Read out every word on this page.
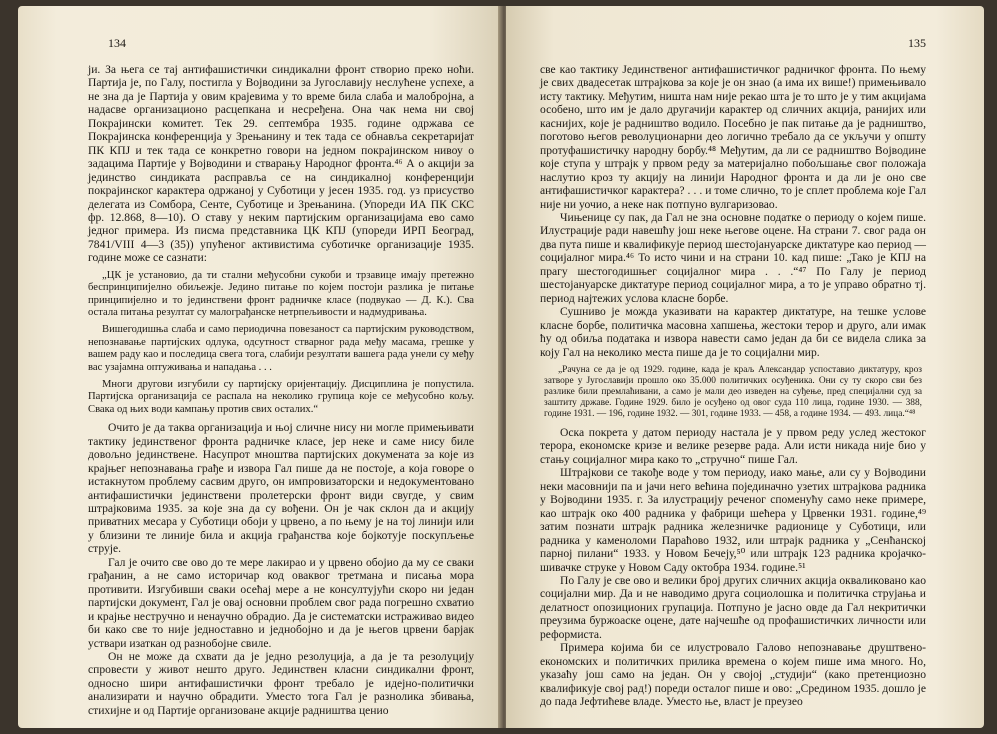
134

ји. За њега се тај антифашистички синдикални фронт створио преко ноћи. Партија је, по Галу, постигла у Војводини за Југославију неслућене успехе, а не зна да је Партија у овим крајевима у то време била слаба и малобројна, а надасве организационо расцепкана и несређена. Она чак нема ни свој Покрајински комитет. Тек 29. септембра 1935. године одржава се Покрајинска конференција у Зрењанину и тек тада се обнавља секретаријат ПК КПЈ и тек тада се конкретно говори на једном покрајинском нивоу о задацима Партије у Војводини и стварању Народног фронта.⁴⁶ А о акцији за јединство синдиката расправља се на синдикалној конференцији покрајинског карактера одржаној у Суботици у јесен 1935. год. уз присуство делегата из Сомбора, Сенте, Суботице и Зрењанина. (Упореди ИА ПК СКС фр. 12.868, 8—10). О ставу у неким партијским организацијама ево само једног примера. Из писма представника ЦК КПЈ (упореди ИРП Београд, 7841/VIII 4—3 (35)) упућеног активистима суботичке организације 1935. године може се сазнати:

„ЦК је установио, да ти стални међусобни сукоби и трзавице имају претежно беспринципијелно обиљежје. Једино питање по којем постоји разлика је питање принципијелно и то јединствени фронт радничке класе (подвукао — Д. К.). Сва остала питања резултат су малограђанске нетрпељивости и надмудривања.

Вишегодишња слаба и само периодична повезаност са партијским руководством, непознавање партијских одлука, одсутност стварног рада међу масама, грешке у вашем раду као и последица свега тога, слабији резултати вашега рада унели су међу вас узајамна оптуживања и нападања . . .

Многи другови изгубили су партијску оријентацију. Дисциплина је попустила. Партијска организација се распала на неколико групица које се међусобно кољу. Свака од њих води кампању против свих осталих.“

Очито је да таква организација и њој сличне нису ни могле примењивати тактику јединственог фронта радничке класе, јер неке и саме нису биле довољно јединствене. Насупрот мноштва партијских докумената за које из крајњег непознавања грађе и извора Гал пише да не постоје, а која говоре о истакнутом проблему сасвим друго, он импровизаторски и недокументовано антифашистички јединствени пролетерски фронт види свугде, у свим штрајковима 1935. за које зна да су вођени. Он је чак склон да и акцију приватних месара у Суботици обоји у црвено, а по њему је на тој линији или у близини те линије била и акција грађанства које бојкотује поскупљење струје.

Гал је очито све ово до те мере лакирао и у црвено обојио да му се сваки грађанин, а не само историчар код оваквог третмана и писања мора противити. Изгубивши сваки осећај мере а не консултујући скоро ни један партијски документ, Гал је овај основни проблем свог рада погрешно схватио и крајње нестручно и ненаучно обрадио. Да је систематски истраживао видео би како све то није једноставно и једнобојно и да је његов црвени барјак уствари изаткан од разнобојне свиле.

Он не може да схвати да је једно резолуција, а да је та резолуцију спровести у живот нешто друго. Јединствен класни синдикални фронт, односно шири антифашистички фронт требало је идејно-политички анализирати и научно обрадити. Уместо тога Гал је разнолика збивања, стихијне и од Партије организоване акције радништва ценио

135

све као тактику Јединственог антифашистичког радничког фронта. По њему је свих двадесетак штрајкова за које је он знао (а има их више!) примењивало исту тактику. Међутим, ништа нам није рекао шта је то што је у тим акцијама особено, што им је дало другачији карактер од сличних акција, ранијих или каснијих, које је радништво водило. Посебно је пак питање да је радништво, поготово његов револуционарни део логично требало да се укључи у општу протуфашистичку народну борбу.⁴⁸ Међутим, да ли се радништво Војводине које ступа у штрајк у првом реду за материјално побољшање свог положаја наслутио кроз ту акцију на линији Народног фронта и да ли је оно све антифашистичког карактера? . . . и томе слично, то је сплет проблема које Гал није ни уочио, а неке нак потпуно вулгаризовао.

Чињенице су пак, да Гал не зна основне податке о периоду о којем пише. Илустрације ради навешћу још неке његове оцене. На страни 7. свог рада он два пута пише и квалификује период шестојануарске диктатуре као период — социјалног мира.⁴⁶ То исто чини и на страни 10. кад пише: „Тако је КПЈ на прагу шестогодишњег социјалног мира . . .“⁴⁷ По Галу је период шестојануарске диктатуре период социјалног мира, а то је управо обратно тј. период најтежих услова класне борбе.

Сушниво је можда указивати на карактер диктатуре, на тешке услове класне борбе, политичка масовна хапшења, жестоки терор и друго, али имак ћу од обиља података и извора навести само један да би се видела слика за коју Гал на неколико места пише да је то социјални мир.

„Рачуна се да је од 1929. године, када је краљ Александар успоставио диктатуру, кроз затворе у Југославији прошло око 35.000 политичких осуђеника. Они су ту скоро сви без разлике били премлаћивани, а само је мали део изведен на суђење, пред специјални суд за заштиту државе. Године 1929. било је осуђено од овог суда 110 лица, године 1930. — 388, године 1931. — 196, године 1932. — 301, године 1933. — 458, а године 1934. — 493. лица.“⁴⁸

Оска покрета у датом периоду настала је у првом реду услед жестоког терора, економске кризе и велике резерве рада. Али исти никада није био у стању социјалног мира како то „стручно“ пише Гал.

Штрајкови се такође воде у том периоду, иако мање, али су у Војводини неки масовнији па и јачи него већина појединачно узетих штрајкова радника у Војводини 1935. г. За илустрацију реченог споменућу само неке примере, као штрајк око 400 радника у фабрици шећера у Црвенки 1931. године,⁴⁹ затим познати штрајк радника железничке радионице у Суботици, или радника у каменоломи Параћово 1932, или штрајк радника у „Сенћанској парној пилани“ 1933. у Новом Бечеју,⁵⁰ или штрајк 123 радника кројачко-шивачке струке у Новом Саду октобра 1934. године.⁵¹

По Галу је све ово и велики број других сличних акција окваликовано као социјални мир. Да и не наводимо друга социолошка и политичка струјања и делатност опозиционих групација. Потпуно је јасно овде да Гал некритички преузима буржоаске оцене, дате најчешће од профашистичких личности или реформиста.

Примера којима би се илустровало Галово непознавање друштвено-економских и политичких прилика времена о којем пише има много. Но, указаћу још само на један. Он у својој „студији“ (како претенциозно квалификује свој рад!) пореди осталог пише и ово: „Средином 1935. дошло је до пада Јефтићеве владе. Уместо ње, власт је преузео
